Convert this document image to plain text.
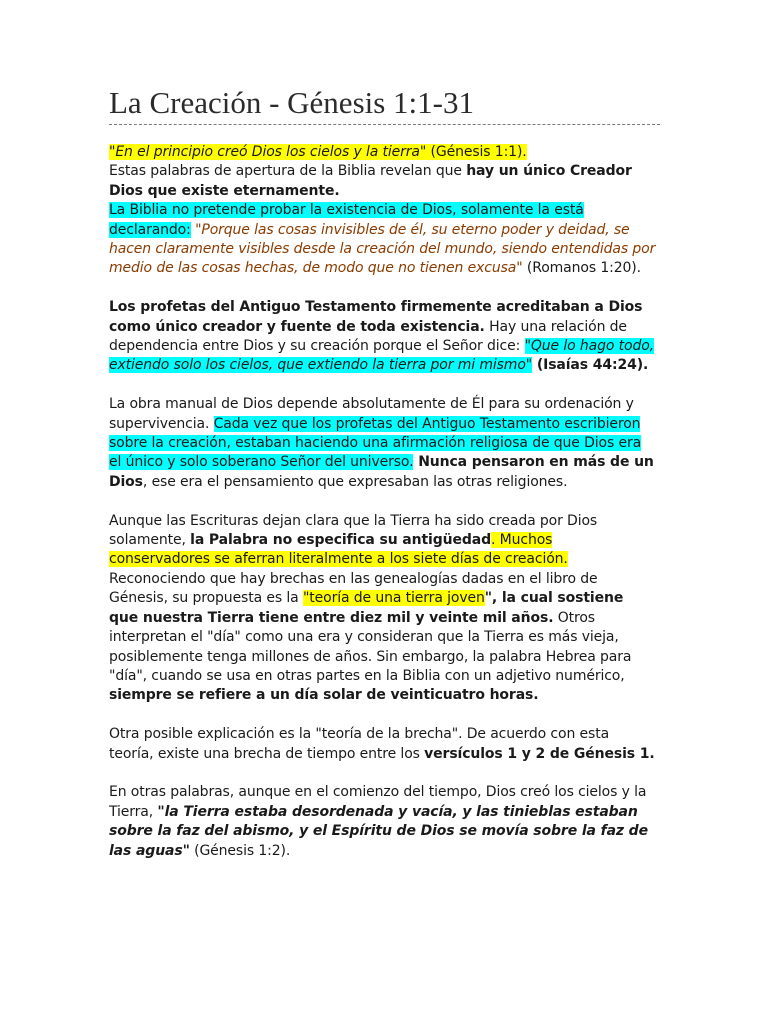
La Creación - Génesis 1:1-31

"En el principio creó Dios los cielos y la tierra" (Génesis 1:1).
Estas palabras de apertura de la Biblia revelan que hay un único Creador Dios que existe eternamente.
La Biblia no pretende probar la existencia de Dios, solamente la está declarando: "Porque las cosas invisibles de él, su eterno poder y deidad, se hacen claramente visibles desde la creación del mundo, siendo entendidas por medio de las cosas hechas, de modo que no tienen excusa" (Romanos 1:20).

Los profetas del Antiguo Testamento firmemente acreditaban a Dios como único creador y fuente de toda existencia. Hay una relación de dependencia entre Dios y su creación porque el Señor dice: "Que lo hago todo, extiendo solo los cielos, que extiendo la tierra por mi mismo" (Isaías 44:24).

La obra manual de Dios depende absolutamente de Él para su ordenación y supervivencia. Cada vez que los profetas del Antiguo Testamento escribieron sobre la creación, estaban haciendo una afirmación religiosa de que Dios era el único y solo soberano Señor del universo. Nunca pensaron en más de un Dios, ese era el pensamiento que expresaban las otras religiones.

Aunque las Escrituras dejan clara que la Tierra ha sido creada por Dios solamente, la Palabra no especifica su antigüedad. Muchos conservadores se aferran literalmente a los siete días de creación. Reconociendo que hay brechas en las genealogías dadas en el libro de Génesis, su propuesta es la "teoría de una tierra joven", la cual sostiene que nuestra Tierra tiene entre diez mil y veinte mil años. Otros interpretan el "día" como una era y consideran que la Tierra es más vieja, posiblemente tenga millones de años. Sin embargo, la palabra Hebrea para "día", cuando se usa en otras partes en la Biblia con un adjetivo numérico, siempre se refiere a un día solar de veinticuatro horas.

Otra posible explicación es la "teoría de la brecha". De acuerdo con esta teoría, existe una brecha de tiempo entre los versículos 1 y 2 de Génesis 1.

En otras palabras, aunque en el comienzo del tiempo, Dios creó los cielos y la Tierra, "la Tierra estaba desordenada y vacía, y las tinieblas estaban sobre la faz del abismo, y el Espíritu de Dios se movía sobre la faz de las aguas" (Génesis 1:2).
